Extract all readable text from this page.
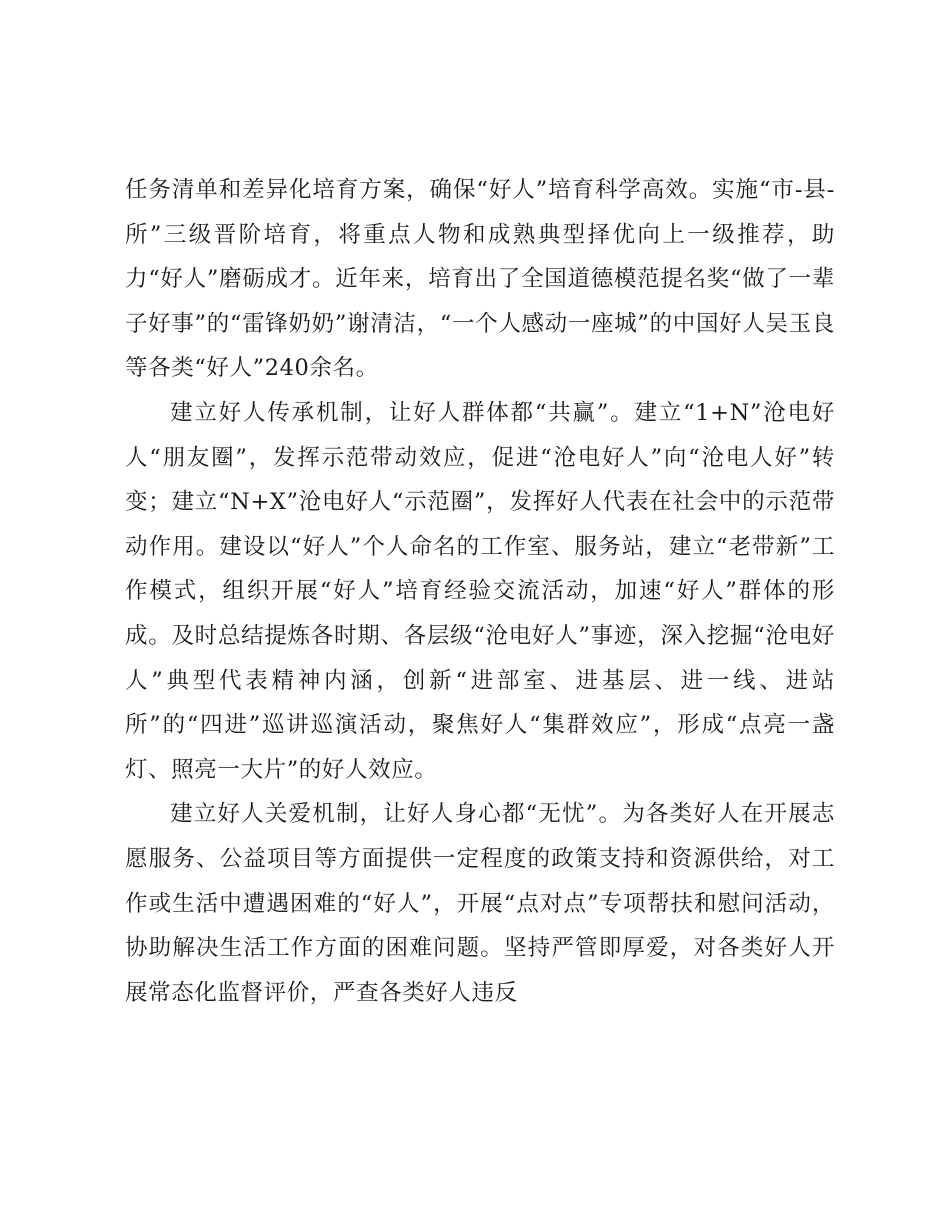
任务清单和差异化培育方案，确保“好人”培育科学高效。实施“市-县-所”三级晋阶培育，将重点人物和成熟典型择优向上一级推荐，助力“好人”磨砺成才。近年来，培育出了全国道德模范提名奖“做了一辈子好事”的“雷锋奶奶”谢清洁，“一个人感动一座城”的中国好人吴玉良等各类“好人”240余名。

建立好人传承机制，让好人群体都“共赢”。建立“1+N”沧电好人“朋友圈”，发挥示范带动效应，促进“沧电好人”向“沧电人好”转变；建立“N+X”沧电好人“示范圈”，发挥好人代表在社会中的示范带动作用。建设以“好人”个人命名的工作室、服务站，建立“老带新”工作模式，组织开展“好人”培育经验交流活动，加速“好人”群体的形成。及时总结提炼各时期、各层级“沧电好人”事迹，深入挖掘“沧电好人”典型代表精神内涵，创新“进部室、进基层、进一线、进站所”的“四进”巡讲巡演活动，聚焦好人“集群效应”，形成“点亮一盏灯、照亮一大片”的好人效应。

建立好人关爱机制，让好人身心都“无忧”。为各类好人在开展志愿服务、公益项目等方面提供一定程度的政策支持和资源供给，对工作或生活中遭遇困难的“好人”，开展“点对点”专项帮扶和慰问活动，协助解决生活工作方面的困难问题。坚持严管即厚爱，对各类好人开展常态化监督评价，严查各类好人违反
